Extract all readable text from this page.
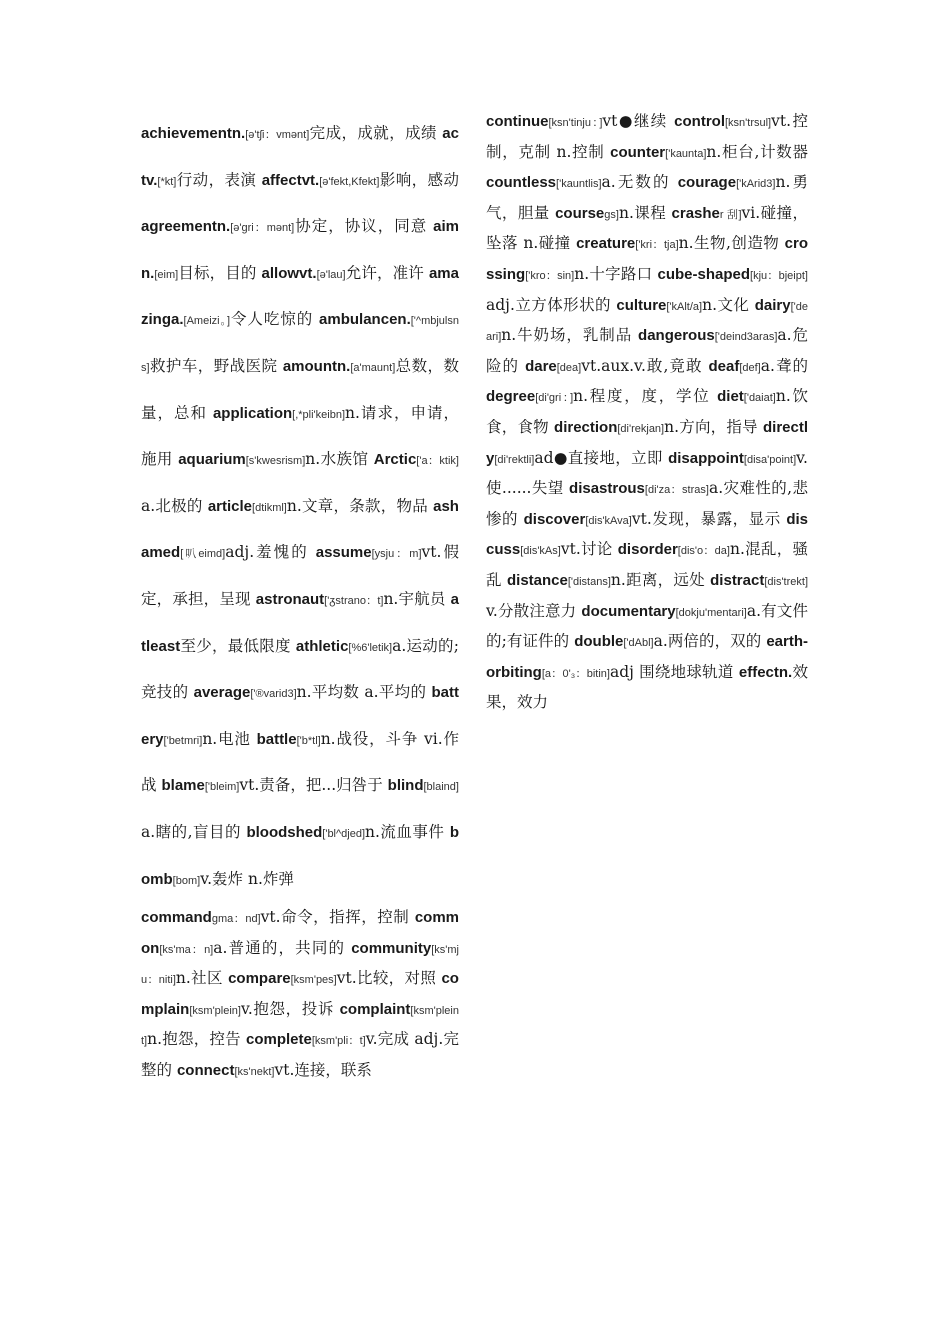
achievementn.[ə'tʃi：vmənt]完成，成就，成绩 actv.[*kt]行动，表演 affectvt.[ə'fekt,Kfekt]影响，感动 agreementn.[ə'gri：mənt]协定，协议，同意 aimn.[eim]目标，目的 allowvt.[ə'lau]允许，准许 amazinga.[Ameizi。]令人吃惊的 ambulancen.['^mbjulsns]救护车，野战医院 amountn.[a'maunt]总数，数量，总和 application[,*pli'keibn]n.请求，申请，施用 aquarium[s'kwesrism]n.水族馆 Arctic['a：ktik]a.北极的 article[dtikml]n.文章，条款，物品 ashamed[叭eimd]adj.羞愧的 assume[ysju：m]vt.假定，承担，呈现 astronaut['ᵹstrano：t]n.宇航员 atleast至少，最低限度 athletic[%6'letik]a.运动的;竞技的 average['®varid3]n.平均数 a.平均的 battery['betmri]n.电池 battle['b*tl]n.战役，斗争 vi.作战 blame['bleim]vt.责备，把...归咎于 blind[blaind]a.瞎的,盲目的 bloodshed['bl^djed]n.流血事件 bomb[bom]v.轰炸 n.炸弹
commandgma：nd]vt.命令，指挥，控制 common[ks'ma：n]a.普通的，共同的 community[ks'mju：niti]n.社区 compare[ksm'pes]vt.比较，对照 complain[ksm'plein]v.抱怨，投诉 complaint[ksm'pleint]n.抱怨，控告 complete[ksm'pli：t]v.完成 adj.完整的 connect[ks'nekt]vt.连接，联系
continue[ksn'tinju：]vt●继续 control[ksn'trsul]vt.控制，克制 n.控制 counter['kaunta]n.柜台,计数器 countless['kauntlis]a.无数的 courage['kArid3]n.勇气，胆量 coursegs]n.课程 crasher 刮]vi.碰撞，坠落 n.碰撞 creature['kri：tja]n.生物,创造物 crossing['kro：sin]n.十字路口 cube-shaped[kju：bjeipt]adj.立方体形状的 culture['kAlt/a]n.文化 dairy['deari]n.牛奶场，乳制品 dangerous['deind3aras]a.危险的 dare[dea]vt.aux.v.敢,竟敢 deaf[def]a.聋的 degree[di'gri：]n.程度，度，学位 diet['daiat]n.饮食，食物 direction[di'rekjan]n.方向，指导 directly[di'rektli]ad●直接地，立即 disappoint[disa'point]v.使......失望 disastrous[di'za：stras]a.灾难性的,悲惨的 discover[dis'kAva]vt.发现，暴露，显示 discuss[dis'kAs]vt.讨论 disorder[dis'o：da]n.混乱，骚乱 distance['distans]n.距离，远处 distract[dis'trekt]v.分散注意力 documentary[dokju'mentari]a.有文件的;有证件的 double['dAbl]a.两倍的，双的 earth-orbiting[a：0'₃：bitin]adj 围绕地球轨道 effectn.效果，效力
